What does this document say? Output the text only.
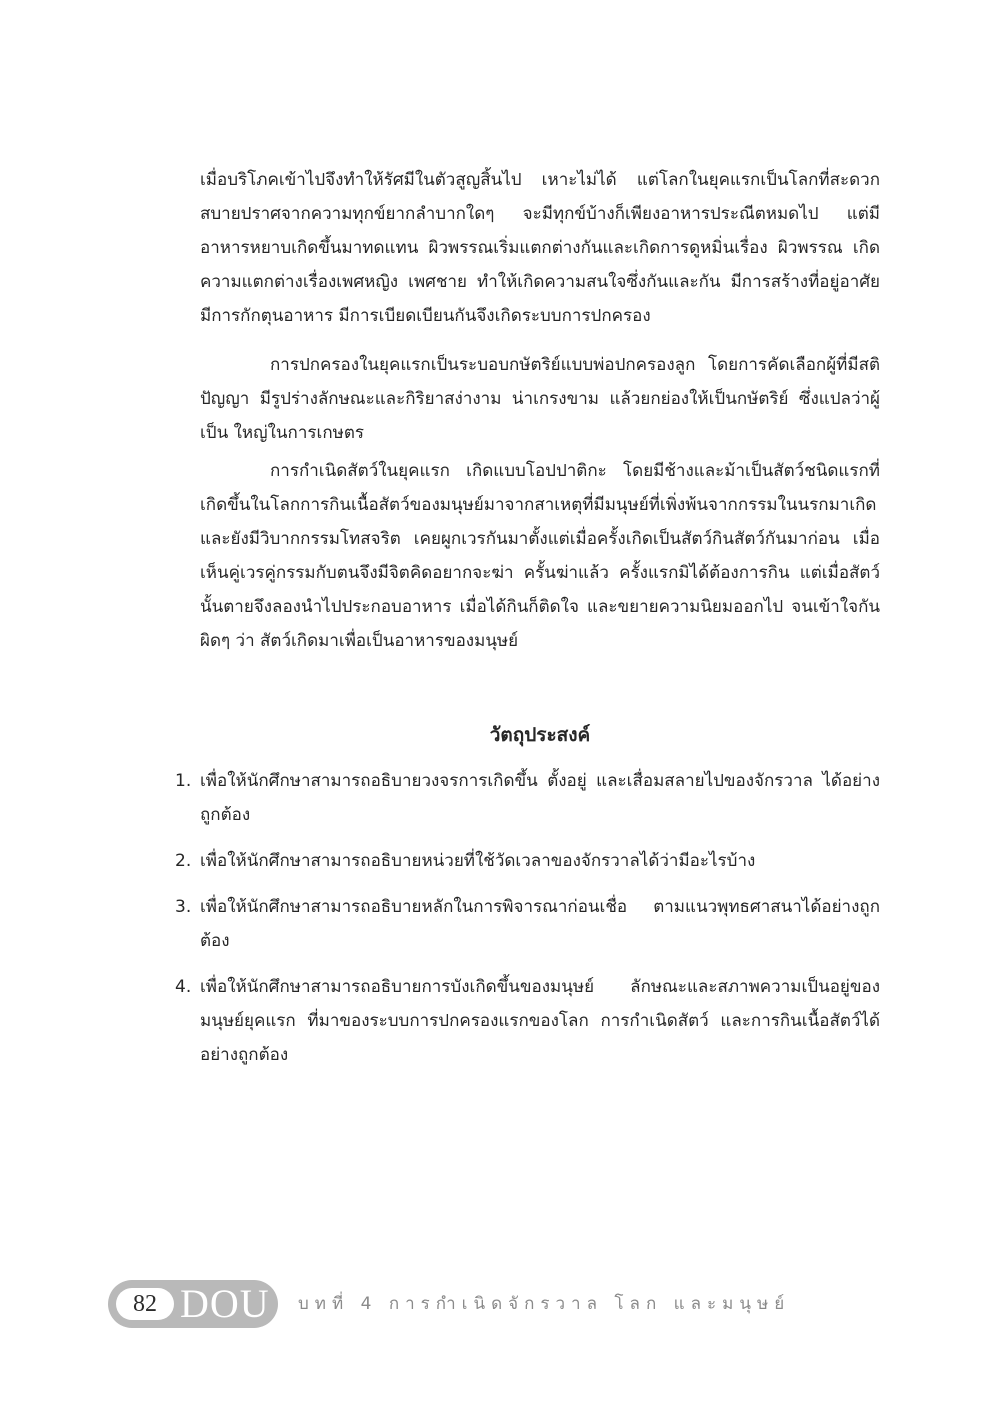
เมื่อบริโภคเข้าไปจึงทำให้รัศมีในตัวสูญสิ้นไป เหาะไม่ได้ แต่โลกในยุคแรกเป็นโลกที่สะดวกสบายปราศจากความทุกข์ยากลำบากใดๆ จะมีทุกข์บ้างก็เพียงอาหารประณีตหมดไป แต่มีอาหารหยาบเกิดขึ้นมาทดแทน ผิวพรรณเริ่มแตกต่างกันและเกิดการดูหมิ่นเรื่อง ผิวพรรณ เกิดความแตกต่างเรื่องเพศหญิง เพศชาย ทำให้เกิดความสนใจซึ่งกันและกัน มีการสร้างที่อยู่อาศัย มีการกักตุนอาหาร มีการเบียดเบียนกันจึงเกิดระบบการปกครอง

การปกครองในยุคแรกเป็นระบอบกษัตริย์แบบพ่อปกครองลูก โดยการคัดเลือกผู้ที่มีสติปัญญา มีรูปร่างลักษณะและกิริยาสง่างาม น่าเกรงขาม แล้วยกย่องให้เป็นกษัตริย์ ซึ่งแปลว่าผู้เป็น ใหญ่ในการเกษตร

การกำเนิดสัตว์ในยุคแรก เกิดแบบโอปปาติกะ โดยมีช้างและม้าเป็นสัตว์ชนิดแรกที่เกิดขึ้นในโลกการกินเนื้อสัตว์ของมนุษย์มาจากสาเหตุที่มีมนุษย์ที่เพิ่งพ้นจากกรรมในนรกมาเกิด และยังมีวิบากกรรมโทสจริต เคยผูกเวรกันมาตั้งแต่เมื่อครั้งเกิดเป็นสัตว์กินสัตว์กันมาก่อน เมื่อเห็นคู่เวรคู่กรรมกับตนจึงมีจิตคิดอยากจะฆ่า ครั้นฆ่าแล้ว ครั้งแรกมิได้ต้องการกิน แต่เมื่อสัตว์นั้นตายจึงลองนำไปประกอบอาหาร เมื่อได้กินก็ติดใจ และขยายความนิยมออกไป จนเข้าใจกันผิดๆ ว่า สัตว์เกิดมาเพื่อเป็นอาหารของมนุษย์

วัตถุประสงค์
1. เพื่อให้นักศึกษาสามารถอธิบายวงจรการเกิดขึ้น ตั้งอยู่ และเสื่อมสลายไปของจักรวาล ได้อย่างถูกต้อง
2. เพื่อให้นักศึกษาสามารถอธิบายหน่วยที่ใช้วัดเวลาของจักรวาลได้ว่ามีอะไรบ้าง
3. เพื่อให้นักศึกษาสามารถอธิบายหลักในการพิจารณาก่อนเชื่อ ตามแนวพุทธศาสนาได้อย่างถูกต้อง
4. เพื่อให้นักศึกษาสามารถอธิบายการบังเกิดขึ้นของมนุษย์ ลักษณะและสภาพความเป็นอยู่ของมนุษย์ยุคแรก ที่มาของระบบการปกครองแรกของโลก การกำเนิดสัตว์ และการกินเนื้อสัตว์ได้อย่างถูกต้อง
82 DOU	บทที่ 4 การกำเนิดจักรวาล โลก และมนุษย์
